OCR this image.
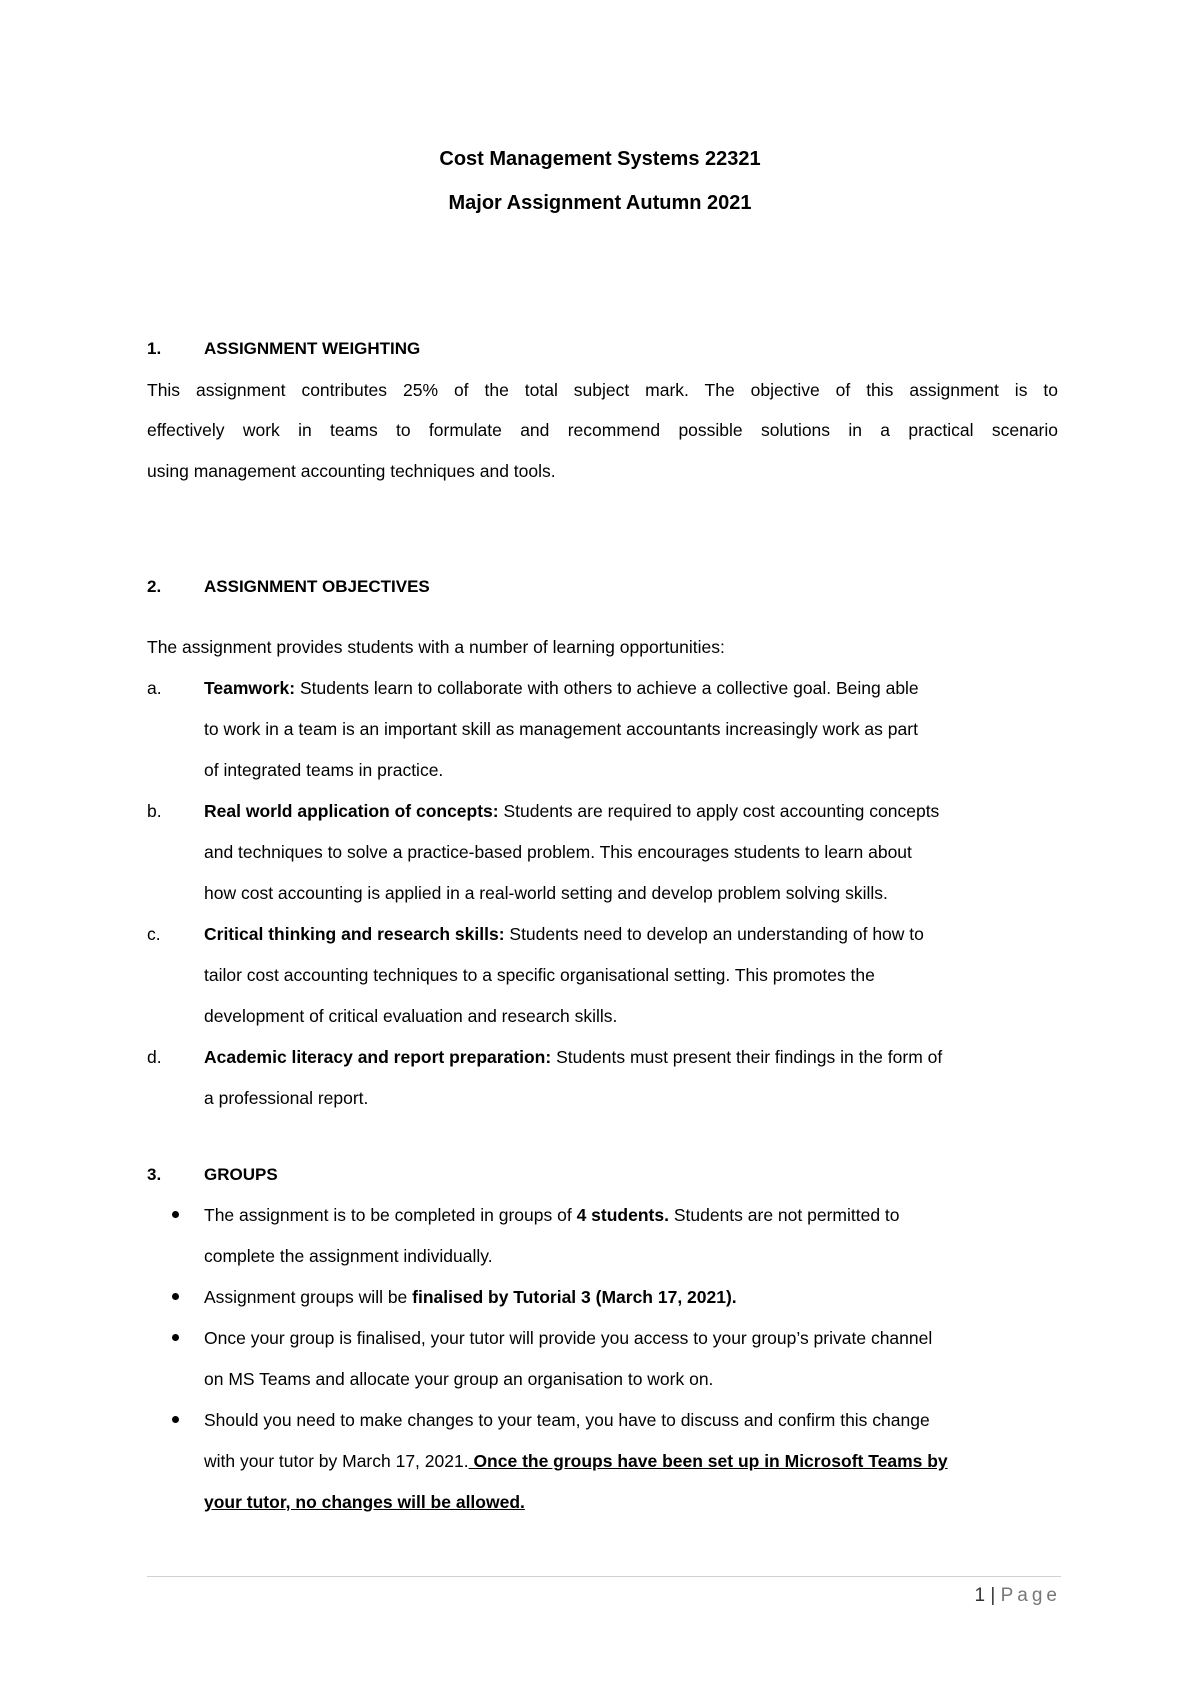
Cost Management Systems 22321
Major Assignment Autumn 2021
1.	ASSIGNMENT WEIGHTING
This assignment contributes 25% of the total subject mark. The objective of this assignment is to
effectively work in teams to formulate and recommend possible solutions in a practical scenario
using management accounting techniques and tools.
2.	ASSIGNMENT OBJECTIVES
The assignment provides students with a number of learning opportunities:
a. Teamwork: Students learn to collaborate with others to achieve a collective goal. Being able
to work in a team is an important skill as management accountants increasingly work as part
of integrated teams in practice.
b. Real world application of concepts: Students are required to apply cost accounting concepts
and techniques to solve a practice-based problem. This encourages students to learn about
how cost accounting is applied in a real-world setting and develop problem solving skills.
c. Critical thinking and research skills: Students need to develop an understanding of how to
tailor cost accounting techniques to a specific organisational setting. This promotes the
development of critical evaluation and research skills.
d. Academic literacy and report preparation: Students must present their findings in the form of
a professional report.
3.	GROUPS
The assignment is to be completed in groups of 4 students. Students are not permitted to
complete the assignment individually.
Assignment groups will be finalised by Tutorial 3 (March 17, 2021).
Once your group is finalised, your tutor will provide you access to your group’s private channel
on MS Teams and allocate your group an organisation to work on.
Should you need to make changes to your team, you have to discuss and confirm this change
with your tutor by March 17, 2021. Once the groups have been set up in Microsoft Teams by
your tutor, no changes will be allowed.
1 | Page
